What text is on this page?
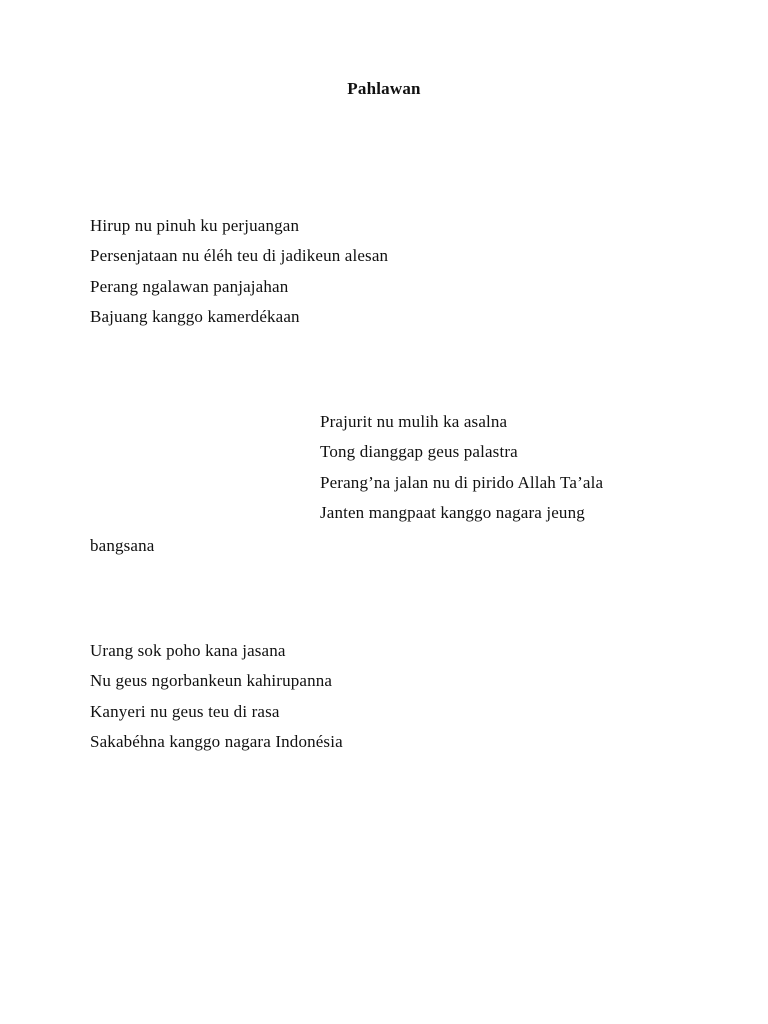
Pahlawan
Hirup nu pinuh ku perjuangan
Persenjataan nu éléh teu di jadikeun alesan
Perang ngalawan panjajahan
Bajuang kanggo kamerdékaan
Prajurit nu mulih ka asalna
Tong dianggap geus palastra
Perang’na jalan nu di pirido Allah Ta’ala
Janten mangpaat kanggo nagara jeung
bangsana
Urang sok poho kana jasana
Nu geus ngorbankeun kahirupanna
Kanyeri nu geus teu di rasa
Sakabéhna kanggo nagara Indonésia
